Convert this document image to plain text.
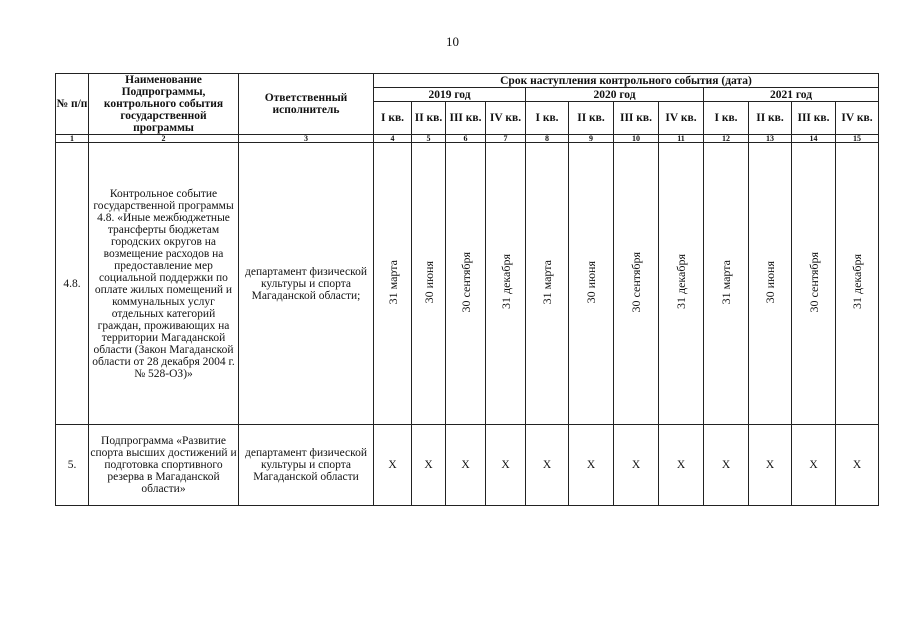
10
№ п/п	Наименование Подпрограммы, контрольного события государственной программы	Ответственный исполнитель	Срок наступления контрольного события (дата)											
			2019 год				2020 год				2021 год			
			I кв.	II кв.	III кв.	IV кв.	I кв.	II кв.	III кв.	IV кв.	I кв.	II кв.	III кв.	IV кв.
1	2	3	4	5	6	7	8	9	10	11	12	13	14	15
4.8.	Контрольное событие государственной программы 4.8. «Иные межбюджетные трансферты бюджетам городских округов на возмещение расходов на предоставление мер социальной поддержки по оплате жилых помещений и коммунальных услуг отдельных категорий граждан, проживающих на территории Магаданской области (Закон Магаданской области от 28 декабря 2004 г. № 528-ОЗ)»	департамент физической культуры и спорта Магаданской области;	31 марта	30 июня	30 сентября	31 декабря	31 марта	30 июня	30 сентября	31 декабря	31 марта	30 июня	30 сентября	31 декабря
5.	Подпрограмма «Развитие спорта высших достижений и подготовка спортивного резерва в Магаданской области»	департамент физической культуры и спорта Магаданской области	X	X	X	X	X	X	X	X	X	X	X	X
